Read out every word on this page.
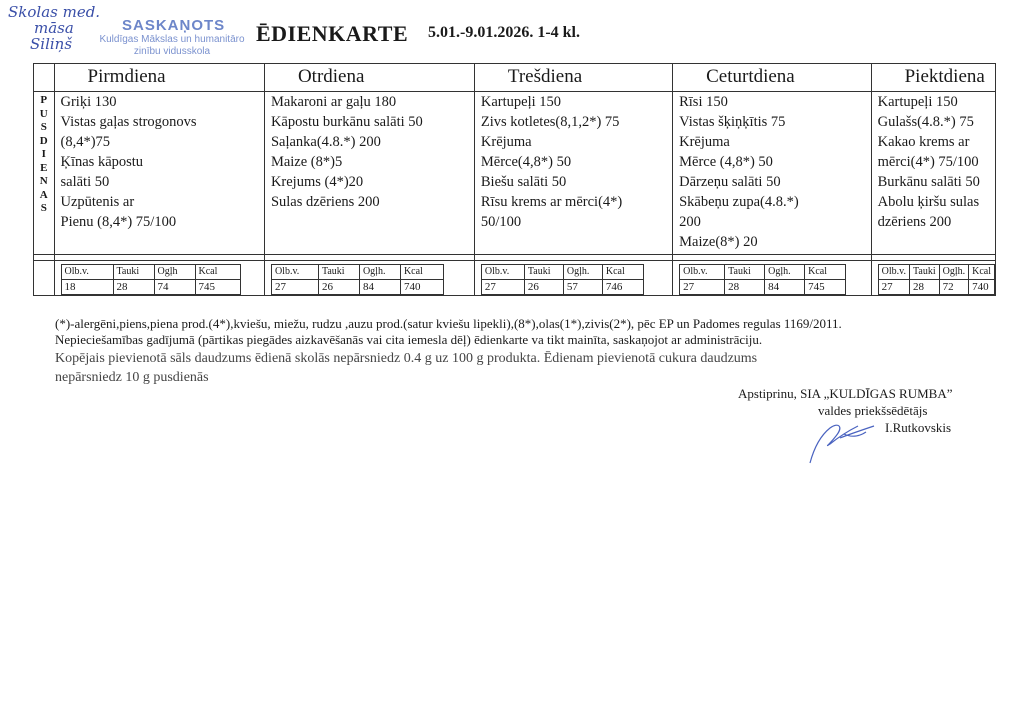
Skolas med.
māsa
Siliņš
SASKAŅOTS
Kuldīgas Mākslas un humanitāro
zinību vidusskola
ĒDIENKARTE 5.01.-9.01.2026. 1-4 kl.
	Pirmdiena	Otrdiena	Trešdiena	Ceturtdiena	Piektdiena

P
U
S
D
I
E
N
A
S

Griķi 130
Vistas gaļas strogonovs
(8,4*)75
Ķīnas kāpostu
salāti 50
Uzpūtenis ar
Pienu (8,4*) 75/100

Makaroni ar gaļu 180
Kāpostu burkānu salāti 50
Saļanka(4.8.*) 200
Maize (8*)5
Krejums (4*)20
Sulas dzēriens 200

Kartupeļi 150
Zivs kotletes(8,1,2*) 75
Krējuma
Mērce(4,8*) 50
Biešu salāti 50
Rīsu krems ar mērci(4*)
50/100

Rīsi 150
Vistas šķiņķītis 75
Krējuma
Mērce (4,8*) 50
Dārzeņu salāti 50
Skābeņu zupa(4.8.*)
200
Maize(8*) 20

Kartupeļi 150
Gulašs(4.8.*) 75
Kakao krems ar
mērci(4*) 75/100
Burkānu salāti 50
Abolu ķiršu sulas
dzēriens 200

Olb.v.	Tauki	Ogļh	Kcal
18	28	74	745

Olb.v.	Tauki	Ogļh.	Kcal
27	26	84	740

Olb.v.	Tauki	Ogļh.	Kcal
27	26	57	746

Olb.v.	Tauki	Ogļh.	Kcal
27	28	84	745

Olb.v.	Tauki	Ogļh.	Kcal
27	28	72	740
(*)-alergēni,piens,piena prod.(4*),kviešu, miežu, rudzu ,auzu prod.(satur kviešu lipekli),(8*),olas(1*),zivis(2*), pēc EP un Padomes regulas 1169/2011.
Nepieciešamības gadījumā (pārtikas piegādes aizkavēšanās vai cita iemesla dēļ) ēdienkarte va tikt mainīta, saskaņojot ar administrāciju.
Kopējais pievienotā sāls daudzums ēdienā skolās nepārsniedz 0.4 g uz 100 g produkta. Ēdienam pievienotā cukura daudzums
nepārsniedz 10 g pusdienās
Apstiprinu, SIA „KULDĪGAS RUMBA”
valdes priekšsēdētājs
I.Rutkovskis
